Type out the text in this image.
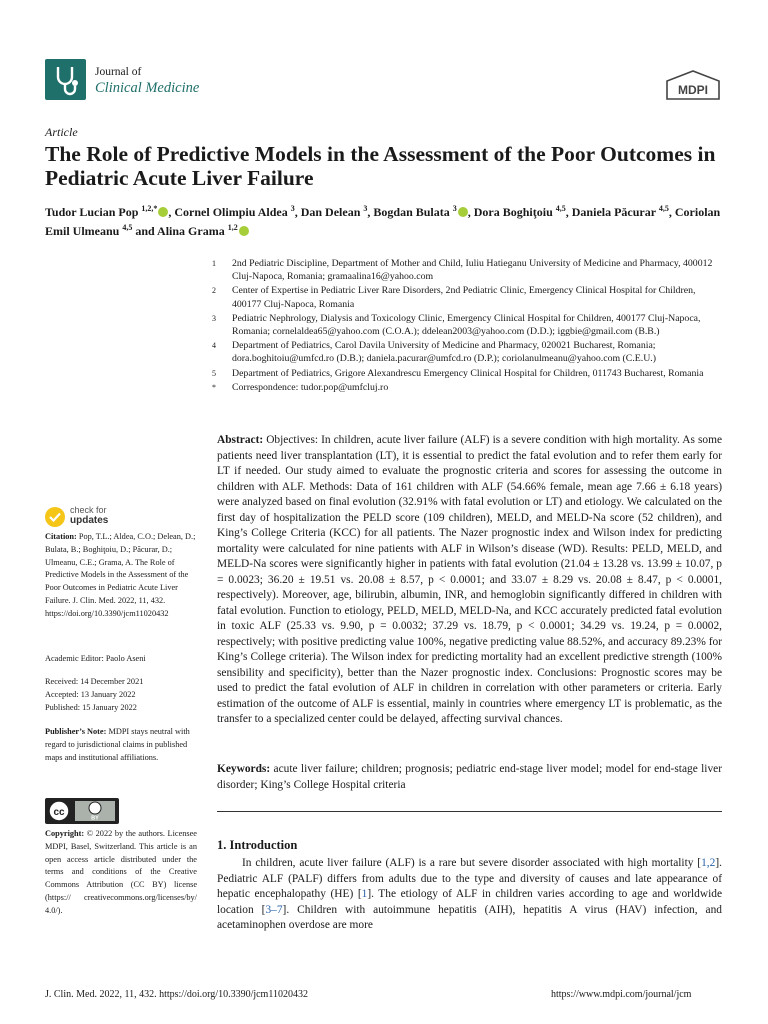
Journal of
Clinical Medicine	MDPI
Article
The Role of Predictive Models in the Assessment of the Poor Outcomes in Pediatric Acute Liver Failure
Tudor Lucian Pop $^{1,2,*}$ , Cornel Olimpiu Aldea $^3$, Dan Delean $^3$, Bogdan Bulata $^3$ , Dora Boghiţoiu $^{4,5}$, Daniela Păcurar $^{4,5}$, Coriolan Emil Ulmeanu $^{4,5}$ and Alina Grama $^{1,2}$
1	2nd Pediatric Discipline, Department of Mother and Child, Iuliu Hatieganu University of Medicine and Pharmacy, 400012 Cluj-Napoca, Romania; gramaalina16@yahoo.com
2	Center of Expertise in Pediatric Liver Rare Disorders, 2nd Pediatric Clinic, Emergency Clinical Hospital for Children, 400177 Cluj-Napoca, Romania
3	Pediatric Nephrology, Dialysis and Toxicology Clinic, Emergency Clinical Hospital for Children, 400177 Cluj-Napoca, Romania; cornelaldea65@yahoo.com (C.O.A.); ddelean2003@yahoo.com (D.D.); iggbie@gmail.com (B.B.)
4	Department of Pediatrics, Carol Davila University of Medicine and Pharmacy, 020021 Bucharest, Romania; dora.boghitoiu@umfcd.ro (D.B.); daniela.pacurar@umfcd.ro (D.P.); coriolanulmeanu@yahoo.com (C.E.U.)
5	Department of Pediatrics, Grigore Alexandrescu Emergency Clinical Hospital for Children, 011743 Bucharest, Romania
*	Correspondence: tudor.pop@umfcluj.ro
Abstract: Objectives: In children, acute liver failure (ALF) is a severe condition with high mortality. As some patients need liver transplantation (LT), it is essential to predict the fatal evolution and to refer them early for LT if needed. Our study aimed to evaluate the prognostic criteria and scores for assessing the outcome in children with ALF. Methods: Data of 161 children with ALF (54.66% female, mean age 7.66 ± 6.18 years) were analyzed based on final evolution (32.91% with fatal evolution or LT) and etiology. We calculated on the first day of hospitalization the PELD score (109 children), MELD, and MELD-Na score (52 children), and King’s College Criteria (KCC) for all patients. The Nazer prognostic index and Wilson index for predicting mortality were calculated for nine patients with ALF in Wilson’s disease (WD). Results: PELD, MELD, and MELD-Na scores were significantly higher in patients with fatal evolution (21.04 ± 13.28 vs. 13.99 ± 10.07, p = 0.0023; 36.20 ± 19.51 vs. 20.08 ± 8.57, p < 0.0001; and 33.07 ± 8.29 vs. 20.08 ± 8.47, p < 0.0001, respectively). Moreover, age, bilirubin, albumin, INR, and hemoglobin significantly differed in children with fatal evolution. Function to etiology, PELD, MELD, MELD-Na, and KCC accurately predicted fatal evolution in toxic ALF (25.33 vs. 9.90, p = 0.0032; 37.29 vs. 18.79, p < 0.0001; 34.29 vs. 19.24, p = 0.0002, respectively; with positive predicting value 100%, negative predicting value 88.52%, and accuracy 89.23% for King’s College criteria). The Wilson index for predicting mortality had an excellent predictive strength (100% sensibility and specificity), better than the Nazer prognostic index. Conclusions: Prognostic scores may be used to predict the fatal evolution of ALF in children in correlation with other parameters or criteria. Early estimation of the outcome of ALF is essential, mainly in countries where emergency LT is problematic, as the transfer to a specialized center could be delayed, affecting survival chances.
Keywords: acute liver failure; children; prognosis; pediatric end-stage liver model; model for end-stage liver disorder; King’s College Hospital criteria
1. Introduction
In children, acute liver failure (ALF) is a rare but severe disorder associated with high mortality [1,2]. Pediatric ALF (PALF) differs from adults due to the type and diversity of causes and late appearance of hepatic encephalopathy (HE) [1]. The etiology of ALF in children varies according to age and worldwide location [3–7]. Children with autoimmune hepatitis (AIH), hepatitis A virus (HAV) infection, and acetaminophen overdose are more
check for
updates
Citation: Pop, T.L.; Aldea, C.O.; Delean, D.; Bulata, B.; Boghiţoiu, D.; Păcurar, D.; Ulmeanu, C.E.; Grama, A. The Role of Predictive Models in the Assessment of the Poor Outcomes in Pediatric Acute Liver Failure. J. Clin. Med. 2022, 11, 432. https://doi.org/10.3390/jcm11020432
Academic Editor: Paolo Aseni
Received: 14 December 2021
Accepted: 13 January 2022
Published: 15 January 2022
Publisher’s Note: MDPI stays neutral with regard to jurisdictional claims in published maps and institutional affiliations.
cc
BY
Copyright: © 2022 by the authors. Licensee MDPI, Basel, Switzerland. This article is an open access article distributed under the terms and conditions of the Creative Commons Attribution (CC BY) license (https:// creativecommons.org/licenses/by/ 4.0/).
J. Clin. Med. 2022, 11, 432. https://doi.org/10.3390/jcm11020432	https://www.mdpi.com/journal/jcm
